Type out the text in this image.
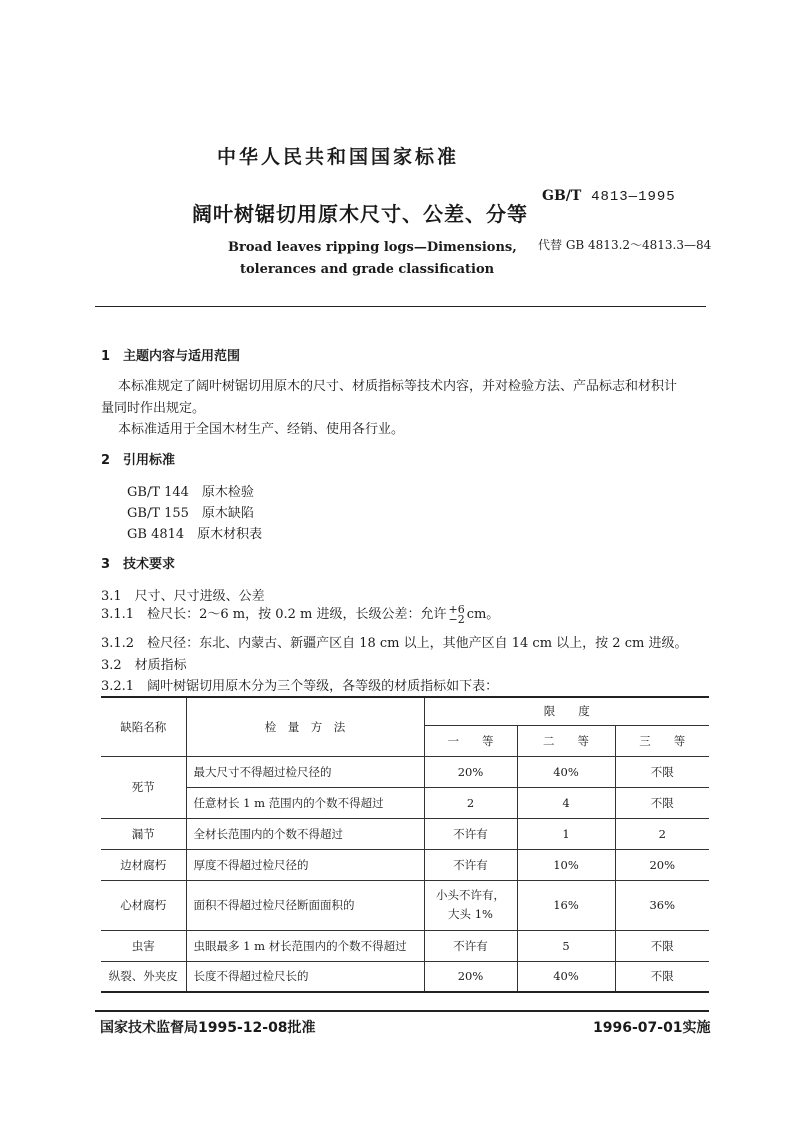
中华人民共和国国家标准
阔叶树锯切用原木尺寸、公差、分等
GB/T 4813—1995
Broad leaves ripping logs—Dimensions,
tolerances and grade classification
代替 GB 4813.2～4813.3—84
1　主题内容与适用范围
本标准规定了阔叶树锯切用原木的尺寸、材质指标等技术内容，并对检验方法、产品标志和材积计
量同时作出规定。
本标准适用于全国木材生产、经销、使用各行业。
2　引用标准
GB/T 144　原木检验
GB/T 155　原木缺陷
GB 4814　原木材积表
3　技术要求
3.1　尺寸、尺寸进级、公差
3.1.1　检尺长：2～6 m，按 0.2 m 进级，长级公差：允许 +6
−2 cm。
3.1.2　检尺径：东北、内蒙古、新疆产区自 18 cm 以上，其他产区自 14 cm 以上，按 2 cm 进级。
3.2　材质指标
3.2.1　阔叶树锯切用原木分为三个等级，各等级的材质指标如下表：
缺陷名称	检　量　方　法	限　　度		
		一　　等	二　　等	三　　等
死节	最大尺寸不得超过检尺径的	20%	40%	不限
	任意材长 1 m 范围内的个数不得超过	2	4	不限
漏节	全材长范围内的个数不得超过	不许有	1	2
边材腐朽	厚度不得超过检尺径的	不许有	10%	20%
心材腐朽	面积不得超过检尺径断面面积的	小头不许有，
大头 1%	16%	36%
虫害	虫眼最多 1 m 材长范围内的个数不得超过	不许有	5	不限
纵裂、外夹皮	长度不得超过检尺长的	20%	40%	不限
国家技术监督局1995-12-08批准	1996-07-01实施
